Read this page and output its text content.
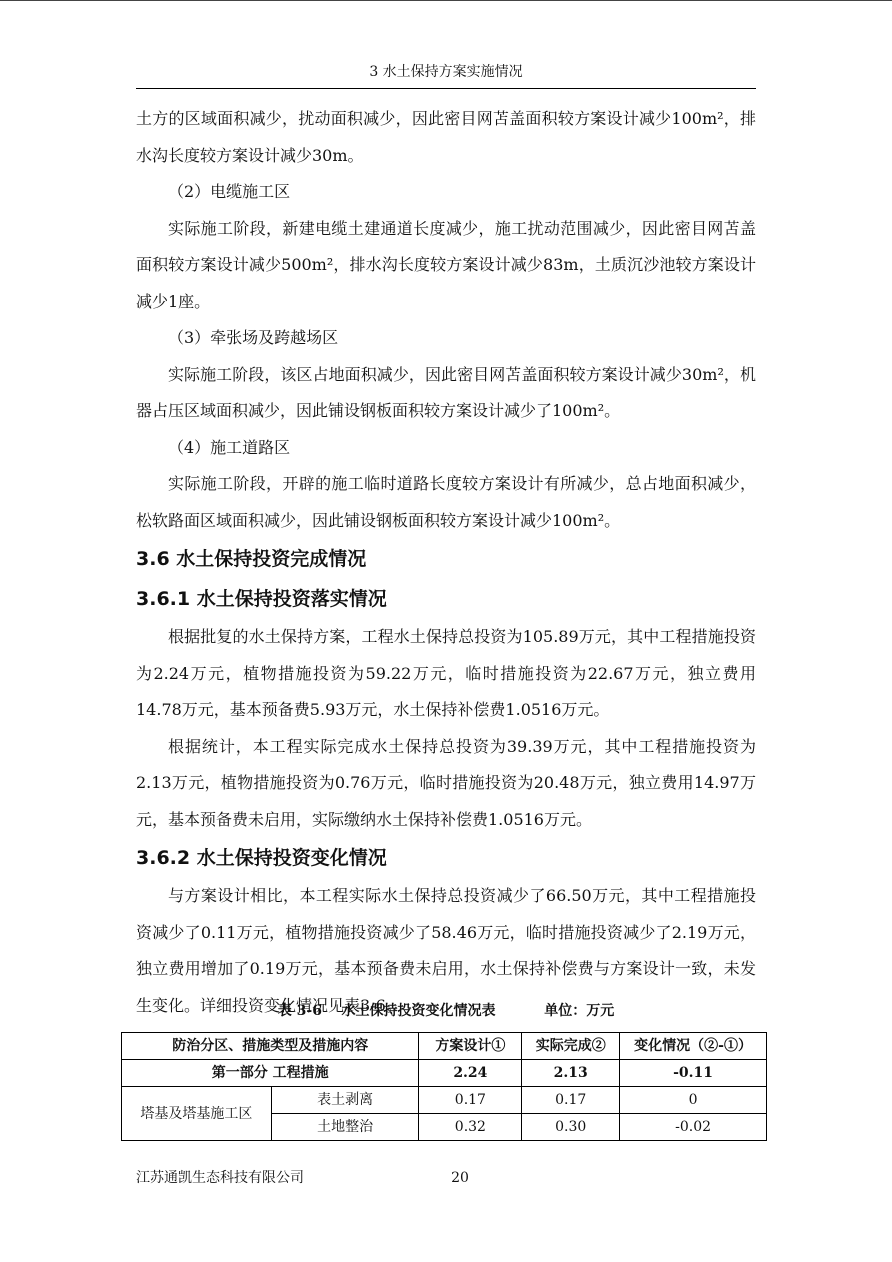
3 水土保持方案实施情况

土方的区域面积减少，扰动面积减少，因此密目网苫盖面积较方案设计减少100m²，排水沟长度较方案设计减少30m。

（2）电缆施工区

实际施工阶段，新建电缆土建通道长度减少，施工扰动范围减少，因此密目网苫盖面积较方案设计减少500m²，排水沟长度较方案设计减少83m，土质沉沙池较方案设计减少1座。

（3）牵张场及跨越场区

实际施工阶段，该区占地面积减少，因此密目网苫盖面积较方案设计减少30m²，机器占压区域面积减少，因此铺设钢板面积较方案设计减少了100m²。

（4）施工道路区

实际施工阶段，开辟的施工临时道路长度较方案设计有所减少，总占地面积减少，松软路面区域面积减少，因此铺设钢板面积较方案设计减少100m²。

3.6 水土保持投资完成情况
3.6.1 水土保持投资落实情况

根据批复的水土保持方案，工程水土保持总投资为105.89万元，其中工程措施投资为2.24万元，植物措施投资为59.22万元，临时措施投资为22.67万元，独立费用14.78万元，基本预备费5.93万元，水土保持补偿费1.0516万元。

根据统计，本工程实际完成水土保持总投资为39.39万元，其中工程措施投资为2.13万元，植物措施投资为0.76万元，临时措施投资为20.48万元，独立费用14.97万元，基本预备费未启用，实际缴纳水土保持补偿费1.0516万元。

3.6.2 水土保持投资变化情况

与方案设计相比，本工程实际水土保持总投资减少了66.50万元，其中工程措施投资减少了0.11万元，植物措施投资减少了58.46万元，临时措施投资减少了2.19万元，独立费用增加了0.19万元，基本预备费未启用，水土保持补偿费与方案设计一致，未发生变化。详细投资变化情况见表3-6。

表 3-6    水土保持投资变化情况表          单位：万元
防治分区、措施类型及措施内容		方案设计①	实际完成②	变化情况（②-①）
第一部分 工程措施		2.24	2.13	-0.11
塔基及塔基施工区	表土剥离	0.17	0.17	0
	土地整治	0.32	0.30	-0.02
江苏通凯生态科技有限公司	20
